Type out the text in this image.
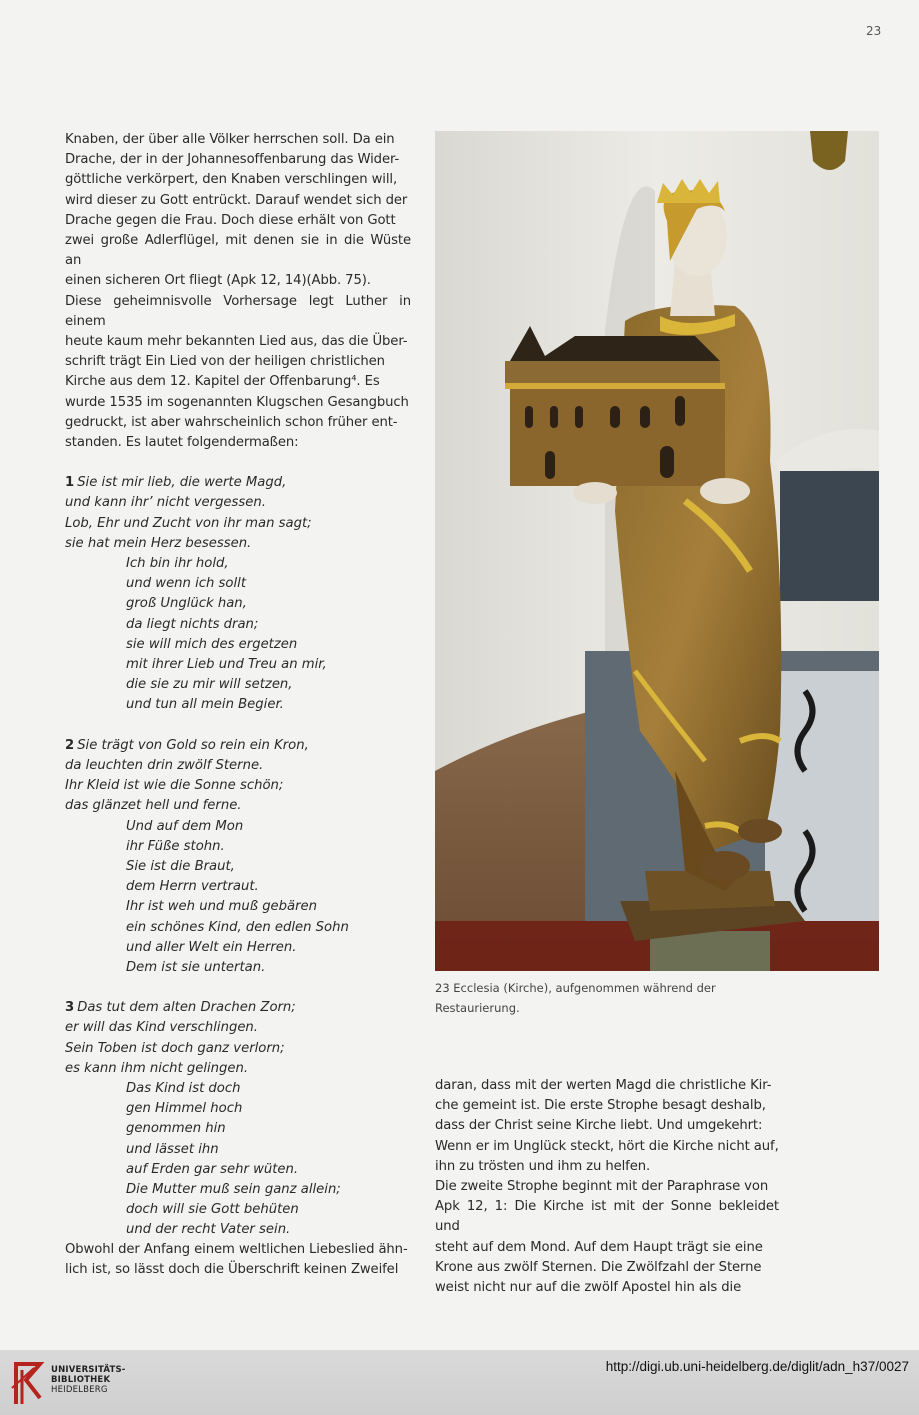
23
Knaben, der über alle Völker herrschen soll. Da ein
Drache, der in der Johannesoffenbarung das Wider-
göttliche verkörpert, den Knaben verschlingen will,
wird dieser zu Gott entrückt. Darauf wendet sich der
Drache gegen die Frau. Doch diese erhält von Gott
zwei große Adlerflügel, mit denen sie in die Wüste an
einen sicheren Ort fliegt (Apk 12, 14)(Abb. 75).
Diese geheimnisvolle Vorhersage legt Luther in einem
heute kaum mehr bekannten Lied aus, das die Über-
schrift trägt Ein Lied von der heiligen christlichen
Kirche aus dem 12. Kapitel der Offenbarung⁴. Es
wurde 1535 im sogenannten Klugschen Gesangbuch
gedruckt, ist aber wahrscheinlich schon früher ent-
standen. Es lautet folgendermaßen:
1 Sie ist mir lieb, die werte Magd,
und kann ihr’ nicht vergessen.
Lob, Ehr und Zucht von ihr man sagt;
sie hat mein Herz besessen.
Ich bin ihr hold,
und wenn ich sollt
groß Unglück han,
da liegt nichts dran;
sie will mich des ergetzen
mit ihrer Lieb und Treu an mir,
die sie zu mir will setzen,
und tun all mein Begier.
2 Sie trägt von Gold so rein ein Kron,
da leuchten drin zwölf Sterne.
Ihr Kleid ist wie die Sonne schön;
das glänzet hell und ferne.
Und auf dem Mon
ihr Füße stohn.
Sie ist die Braut,
dem Herrn vertraut.
Ihr ist weh und muß gebären
ein schönes Kind, den edlen Sohn
und aller Welt ein Herren.
Dem ist sie untertan.
3 Das tut dem alten Drachen Zorn;
er will das Kind verschlingen.
Sein Toben ist doch ganz verlorn;
es kann ihm nicht gelingen.
Das Kind ist doch
gen Himmel hoch
genommen hin
und lässet ihn
auf Erden gar sehr wüten.
Die Mutter muß sein ganz allein;
doch will sie Gott behüten
und der recht Vater sein.
Obwohl der Anfang einem weltlichen Liebeslied ähn-
lich ist, so lässt doch die Überschrift keinen Zweifel
23 Ecclesia (Kirche), aufgenommen während der
Restaurierung.
daran, dass mit der werten Magd die christliche Kir-
che gemeint ist. Die erste Strophe besagt deshalb,
dass der Christ seine Kirche liebt. Und umgekehrt:
Wenn er im Unglück steckt, hört die Kirche nicht auf,
ihn zu trösten und ihm zu helfen.
Die zweite Strophe beginnt mit der Paraphrase von
Apk 12, 1: Die Kirche ist mit der Sonne bekleidet und
steht auf dem Mond. Auf dem Haupt trägt sie eine
Krone aus zwölf Sternen. Die Zwölfzahl der Sterne
weist nicht nur auf die zwölf Apostel hin als die
UNIVERSITÄTS-
BIBLIOTHEK
HEIDELBERG
http://digi.ub.uni-heidelberg.de/diglit/adn_h37/0027
